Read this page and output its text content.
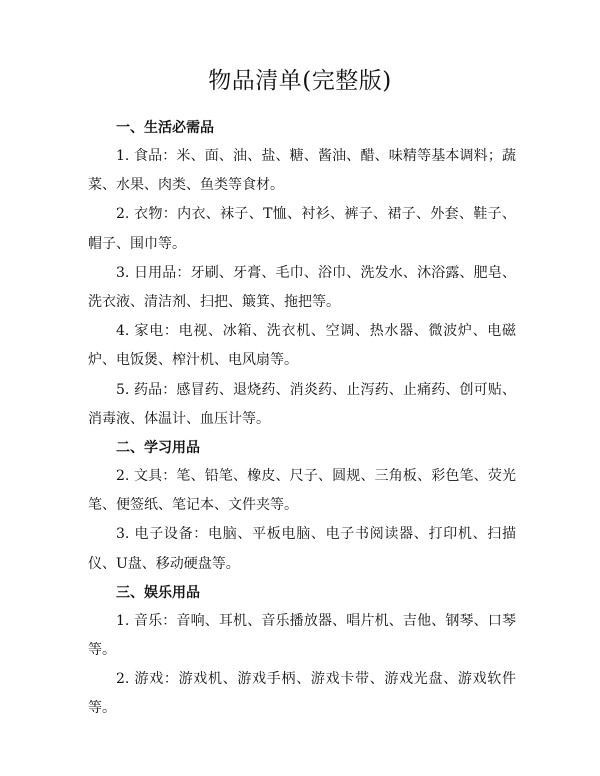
物品清单(完整版)

一、生活必需品

1. 食品：米、面、油、盐、糖、酱油、醋、味精等基本调料；蔬菜、水果、肉类、鱼类等食材。

2. 衣物：内衣、袜子、T恤、衬衫、裤子、裙子、外套、鞋子、帽子、围巾等。

3. 日用品：牙刷、牙膏、毛巾、浴巾、洗发水、沐浴露、肥皂、洗衣液、清洁剂、扫把、簸箕、拖把等。

4. 家电：电视、冰箱、洗衣机、空调、热水器、微波炉、电磁炉、电饭煲、榨汁机、电风扇等。

5. 药品：感冒药、退烧药、消炎药、止泻药、止痛药、创可贴、消毒液、体温计、血压计等。

二、学习用品

2. 文具：笔、铅笔、橡皮、尺子、圆规、三角板、彩色笔、荧光笔、便签纸、笔记本、文件夹等。

3. 电子设备：电脑、平板电脑、电子书阅读器、打印机、扫描仪、U盘、移动硬盘等。

三、娱乐用品

1. 音乐：音响、耳机、音乐播放器、唱片机、吉他、钢琴、口琴等。

2. 游戏：游戏机、游戏手柄、游戏卡带、游戏光盘、游戏软件等。
